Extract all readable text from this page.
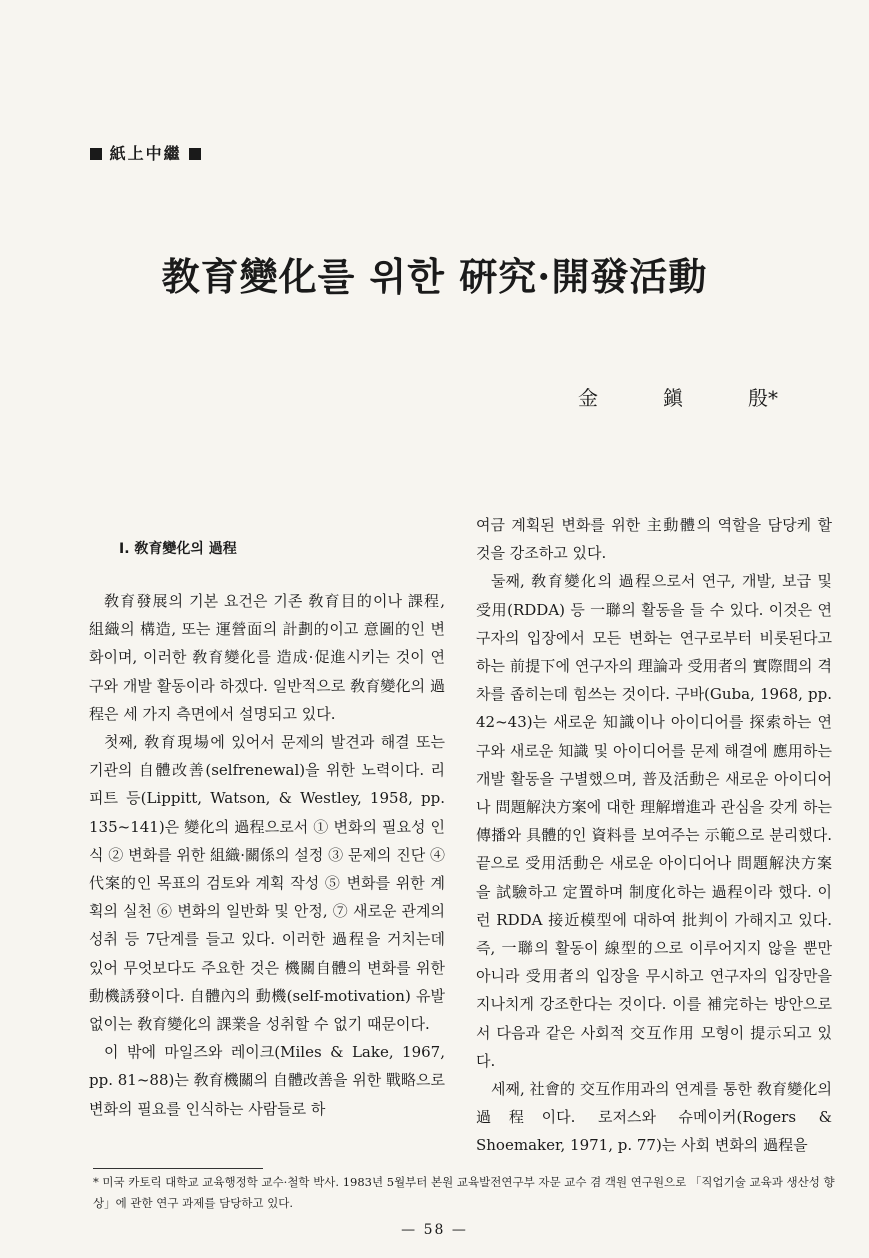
紙上中繼
教育變化를 위한 硏究·開發活動
金	鎭	殷*
I. 敎育變化의 過程

敎育發展의 기본 요건은 기존 敎育目的이나 課程, 組織의 構造, 또는 運營面의 計劃的이고 意圖的인 변화이며, 이러한 敎育變化를 造成·促進시키는 것이 연구와 개발 활동이라 하겠다. 일반적으로 敎育變化의 過程은 세 가지 측면에서 설명되고 있다.

첫째, 敎育現場에 있어서 문제의 발견과 해결 또는 기관의 自體改善(selfrenewal)을 위한 노력이다. 리피트 등(Lippitt, Watson, & Westley, 1958, pp. 135~141)은 變化의 過程으로서 ① 변화의 필요성 인식 ② 변화를 위한 組織·關係의 설정 ③ 문제의 진단 ④ 代案的인 목표의 검토와 계획 작성 ⑤ 변화를 위한 계획의 실천 ⑥ 변화의 일반화 및 안정, ⑦ 새로운 관계의 성취 등 7단계를 들고 있다. 이러한 過程을 거치는데 있어 무엇보다도 주요한 것은 機關自體의 변화를 위한 動機誘發이다. 自體內의 動機(self-motivation) 유발 없이는 敎育變化의 課業을 성취할 수 없기 때문이다.

이 밖에 마일즈와 레이크(Miles & Lake, 1967, pp. 81~88)는 敎育機關의 自體改善을 위한 戰略으로 변화의 필요를 인식하는 사람들로 하

여금 계획된 변화를 위한 主動體의 역할을 담당케 할 것을 강조하고 있다.

둘째, 敎育變化의 過程으로서 연구, 개발, 보급 및 受用(RDDA) 등 一聯의 활동을 들 수 있다. 이것은 연구자의 입장에서 모든 변화는 연구로부터 비롯된다고 하는 前提下에 연구자의 理論과 受用者의 實際間의 격차를 좁히는데 힘쓰는 것이다. 구바(Guba, 1968, pp. 42~43)는 새로운 知識이나 아이디어를 探索하는 연구와 새로운 知識 및 아이디어를 문제 해결에 應用하는 개발 활동을 구별했으며, 普及活動은 새로운 아이디어나 問題解決方案에 대한 理解增進과 관심을 갖게 하는 傳播와 具體的인 資料를 보여주는 示範으로 분리했다. 끝으로 受用活動은 새로운 아이디어나 問題解決方案을 試驗하고 定置하며 制度化하는 過程이라 했다. 이런 RDDA 接近模型에 대하여 批判이 가해지고 있다. 즉, 一聯의 활동이 線型的으로 이루어지지 않을 뿐만 아니라 受用者의 입장을 무시하고 연구자의 입장만을 지나치게 강조한다는 것이다. 이를 補完하는 방안으로서 다음과 같은 사회적 交互作用 모형이 提示되고 있다.

세째, 社會的 交互作用과의 연계를 통한 敎育變化의 過程이다. 로저스와 슈메이커(Rogers & Shoemaker, 1971, p. 77)는 사회 변화의 過程을

* 미국 카토릭 대학교 교육행정학 교수·철학 박사. 1983년 5월부터 본원 교육발전연구부 자문 교수 겸 객원 연구원으로 「직업기술 교육과 생산성 향상」에 관한 연구 과제를 담당하고 있다.

— 58 —
